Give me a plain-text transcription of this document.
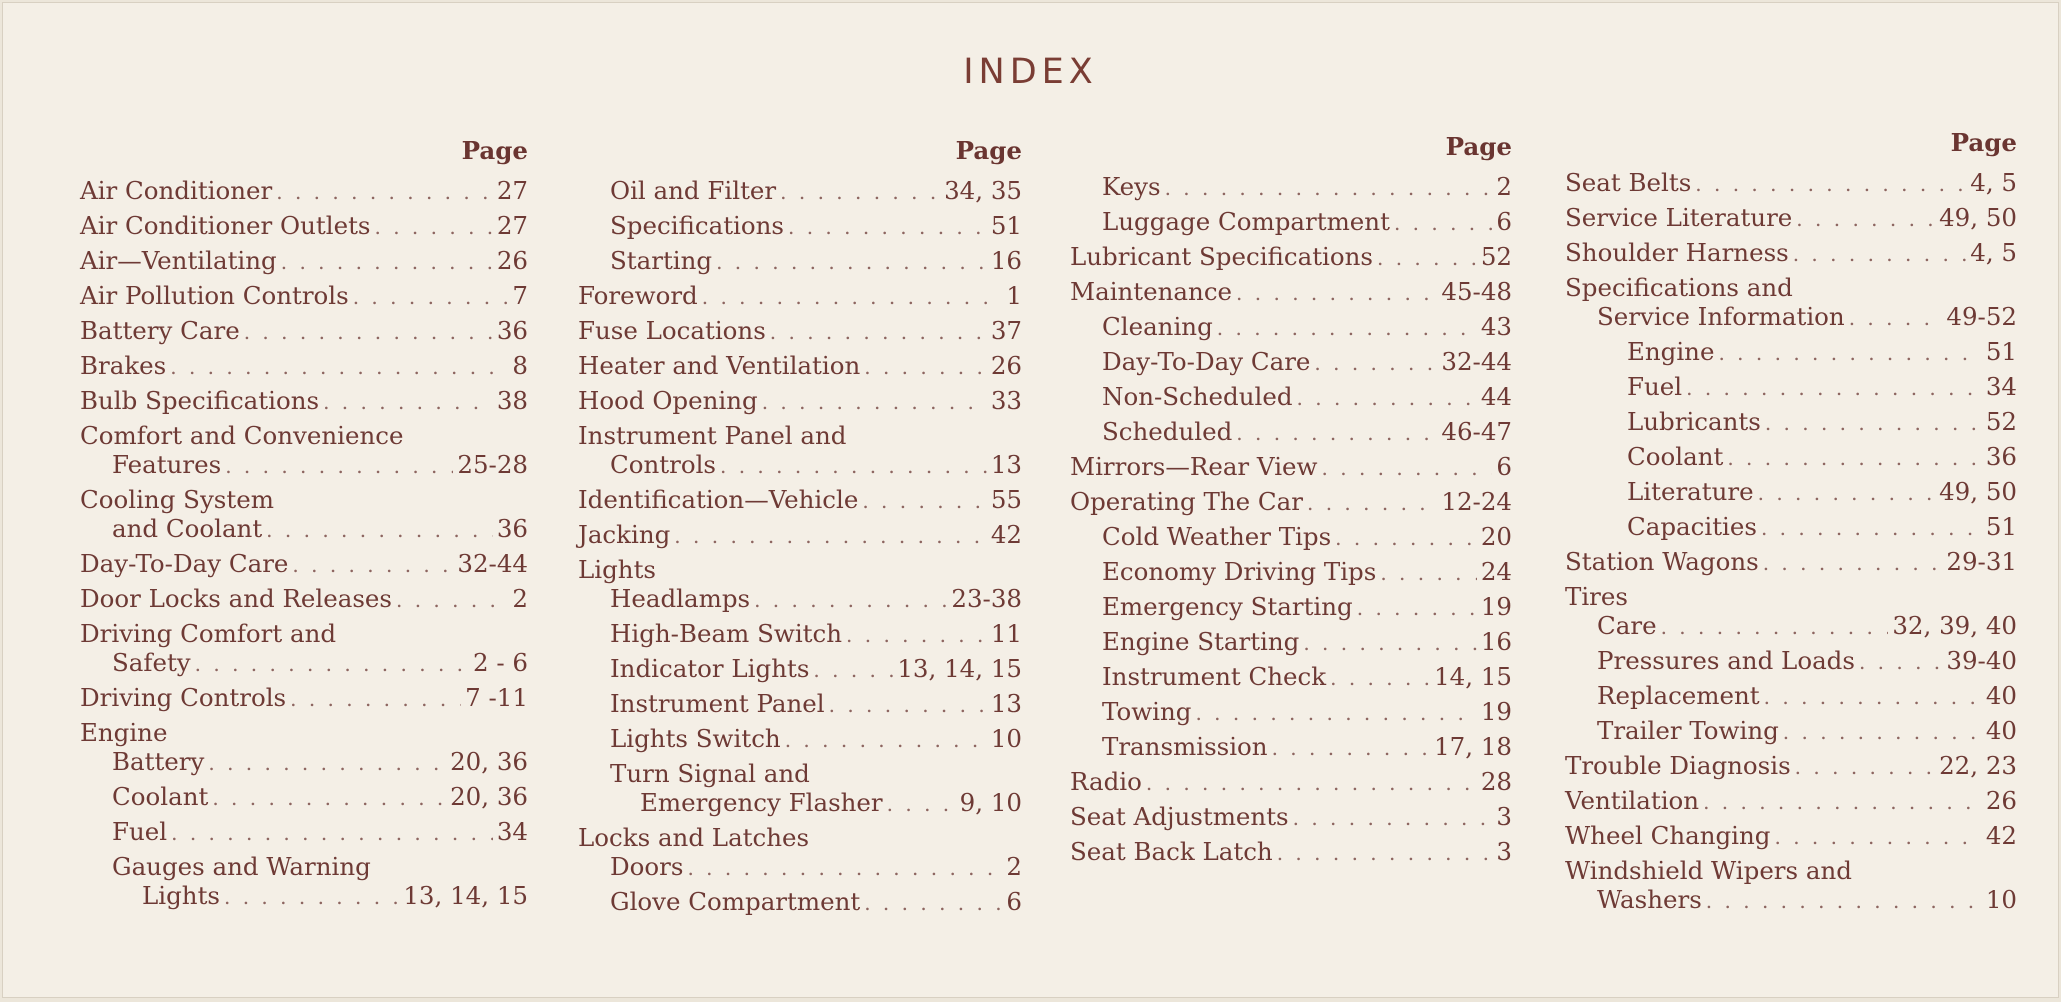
INDEX
Page
Air Conditioner . . .	27
Air Conditioner Outlets . . .	27
Air—Ventilating . . .	26
Air Pollution Controls . . .	7
Battery Care . . .	36
Brakes . . .	8
Bulb Specifications . . .	38
Comfort and Convenience
Features . . .	25-28
Cooling System
and Coolant . . .	36
Day-To-Day Care . . .	32-44
Door Locks and Releases . . .	2
Driving Comfort and
Safety . . .	2 - 6
Driving Controls . . .	7 -11
Engine
Battery . . .	20, 36
Coolant . . .	20, 36
Fuel . . .	34
Gauges and Warning
Lights . . .	13, 14, 15
Page
Oil and Filter . . .	34, 35
Specifications . . .	51
Starting . . .	16
Foreword . . .	1
Fuse Locations . . .	37
Heater and Ventilation . . .	26
Hood Opening . . .	33
Instrument Panel and
Controls . . .	13
Identification—Vehicle . . .	55
Jacking . . .	42
Lights
Headlamps . . .	23-38
High-Beam Switch . . .	11
Indicator Lights . . .	13, 14, 15
Instrument Panel . . .	13
Lights Switch . . .	10
Turn Signal and
Emergency Flasher . . .	9, 10
Locks and Latches
Doors . . .	2
Glove Compartment . . .	6
Page
Keys . . .	2
Luggage Compartment . . .	6
Lubricant Specifications . . .	52
Maintenance . . .	45-48
Cleaning . . .	43
Day-To-Day Care . . .	32-44
Non-Scheduled . . .	44
Scheduled . . .	46-47
Mirrors—Rear View . . .	6
Operating The Car . . .	12-24
Cold Weather Tips . . .	20
Economy Driving Tips . . .	24
Emergency Starting . . .	19
Engine Starting . . .	16
Instrument Check . . .	14, 15
Towing . . .	19
Transmission . . .	17, 18
Radio . . .	28
Seat Adjustments . . .	3
Seat Back Latch . . .	3
Page
Seat Belts . . .	4, 5
Service Literature . . .	49, 50
Shoulder Harness . . .	4, 5
Specifications and
Service Information . . .	49-52
Engine . . .	51
Fuel . . .	34
Lubricants . . .	52
Coolant . . .	36
Literature . . .	49, 50
Capacities . . .	51
Station Wagons . . .	29-31
Tires
Care . . .	32, 39, 40
Pressures and Loads . . .	39-40
Replacement . . .	40
Trailer Towing . . .	40
Trouble Diagnosis . . .	22, 23
Ventilation . . .	26
Wheel Changing . . .	42
Windshield Wipers and
Washers . . .	10
